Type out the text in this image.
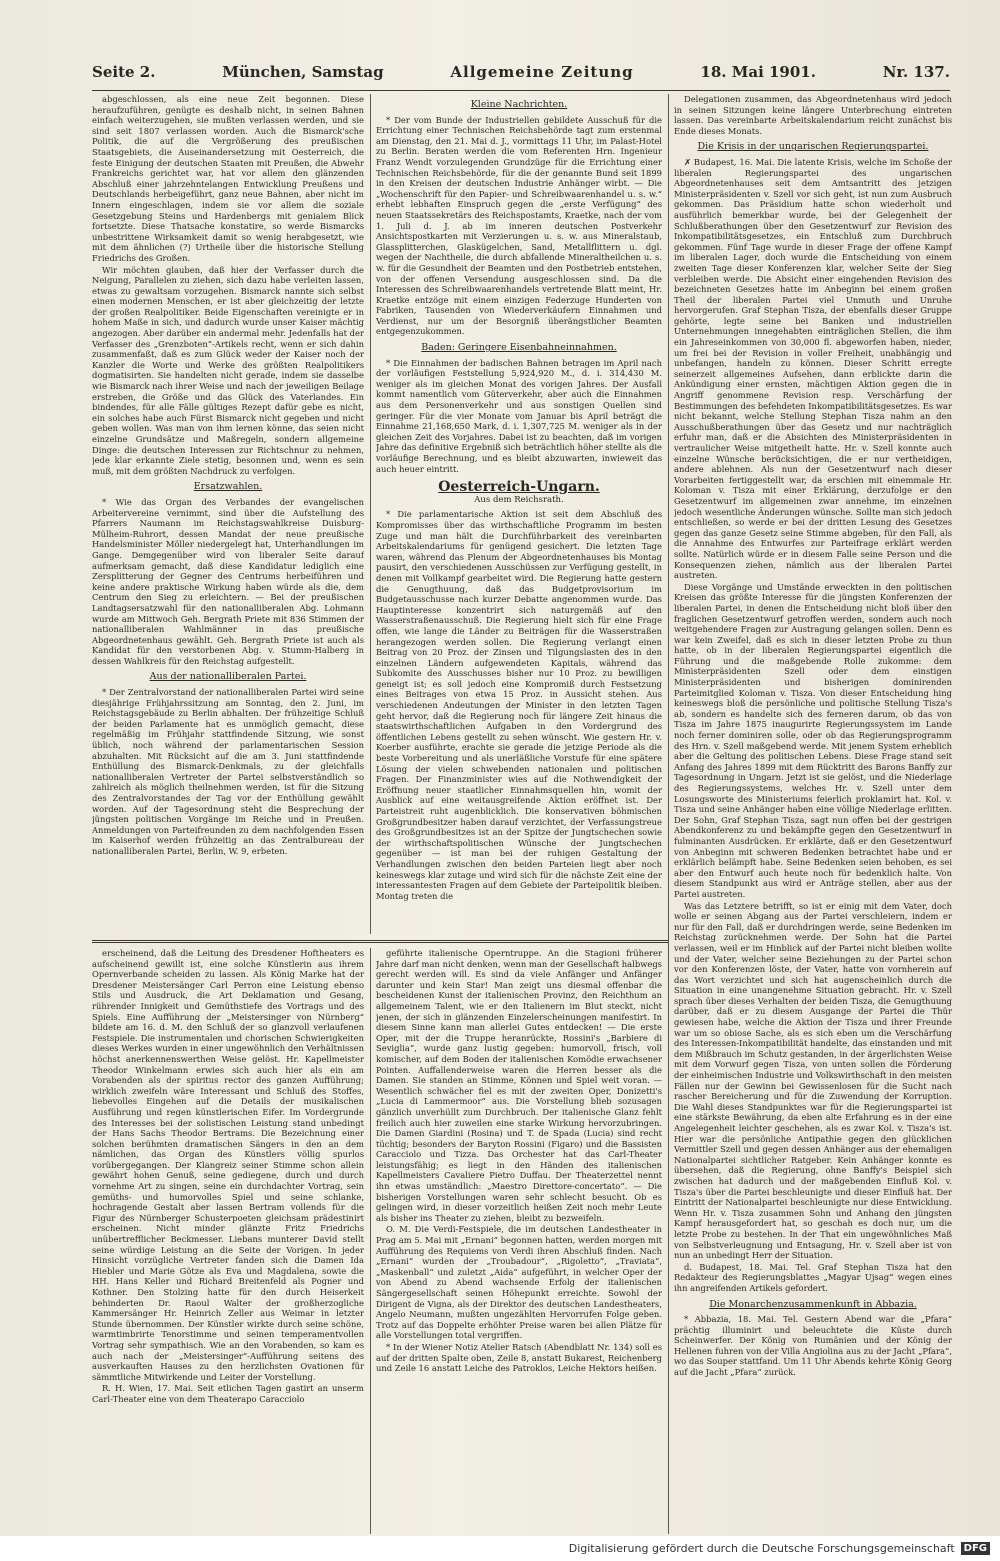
Seite 2.	München, Samstag	Allgemeine Zeitung	18. Mai 1901.	Nr. 137.

abgeschlossen, als eine neue Zeit begonnen. Diese heraufzuführen, genügte es deshalb nicht, in seinen Bahnen einfach weiterzugehen, sie mußten verlassen werden, und sie sind seit 1807 verlassen worden. Auch die Bismarck'sche Politik, die auf die Vergrößerung des preußischen Staatsgebiets, die Auseinandersetzung mit Oesterreich, die feste Einigung der deutschen Staaten mit Preußen, die Abwehr Frankreichs gerichtet war, hat vor allem den glänzenden Abschluß einer jahrzehntelangen Entwicklung Preußens und Deutschlands herbeigeführt, ganz neue Bahnen, aber nicht im Innern eingeschlagen, indem sie vor allem die soziale Gesetzgebung Steins und Hardenbergs mit genialem Blick fortsetzte. Diese Thatsache konstatire, so werde Bismarcks unbestrittene Wirksamkeit damit so wenig herabgesetzt, wie mit dem ähnlichen (?) Urtheile über die historische Stellung Friedrichs des Großen.

Wir möchten glauben, daß hier der Verfasser durch die Neigung, Parallelen zu ziehen, sich dazu habe verleiten lassen, etwas zu gewaltsam vorzugehen. Bismarck nannte sich selbst einen modernen Menschen, er ist aber gleichzeitig der letzte der großen Realpolitiker. Beide Eigenschaften vereinigte er in hohem Maße in sich, und dadurch wurde unser Kaiser mächtig angezogen. Aber darüber ein andermal mehr. Jedenfalls hat der Verfasser des „Grenzboten“-Artikels recht, wenn er sich dahin zusammenfaßt, daß es zum Glück weder der Kaiser noch der Kanzler die Worte und Werke des größten Realpolitikers dogmatisirten. Sie handelten nicht gerade, indem sie dasselbe wie Bismarck nach ihrer Weise und nach der jeweiligen Beilage erstreben, die Größe und das Glück des Vaterlandes. Ein bindendes, für alle Fälle gültiges Rezept dafür gebe es nicht, ein solches habe auch Fürst Bismarck nicht gegeben und nicht geben wollen. Was man von ihm lernen könne, das seien nicht einzelne Grundsätze und Maßregeln, sondern allgemeine Dinge: die deutschen Interessen zur Richtschnur zu nehmen, jede klar erkannte Ziele stetig, besonnen und, wenn es sein muß, mit dem größten Nachdruck zu verfolgen.

Ersatzwahlen.

* Wie das Organ des Verbandes der evangelischen Arbeitervereine vernimmt, sind über die Aufstellung des Pfarrers Naumann im Reichstagswahlkreise Duisburg-Mülheim-Ruhrort, dessen Mandat der neue preußische Handelsminister Möller niedergelegt hat, Unterhandlungen im Gange. Demgegenüber wird von liberaler Seite darauf aufmerksam gemacht, daß diese Kandidatur lediglich eine Zersplitterung der Gegner des Centrums herbeiführen und keine andere praktische Wirkung haben würde als die, dem Centrum den Sieg zu erleichtern. — Bei der preußischen Landtagsersatzwahl für den nationalliberalen Abg. Lohmann wurde am Mittwoch Geh. Bergrath Priete mit 836 Stimmen der nationalliberalen Wahlmänner in das preußische Abgeordnetenhaus gewählt. Geh. Bergrath Priete ist auch als Kandidat für den verstorbenen Abg. v. Stumm-Halberg in dessen Wahlkreis für den Reichstag aufgestellt.

Aus der nationalliberalen Partei.

* Der Zentralvorstand der nationalliberalen Partei wird seine diesjährige Frühjahrssitzung am Sonntag, den 2. Juni, im Reichstagsgebäude zu Berlin abhalten. Der frühzeitige Schluß der beiden Parlamente hat es unmöglich gemacht, diese regelmäßig im Frühjahr stattfindende Sitzung, wie sonst üblich, noch während der parlamentarischen Session abzuhalten. Mit Rücksicht auf die am 3. Juni stattfindende Enthüllung des Bismarck-Denkmals, zu der gleichfalls nationalliberalen Vertreter der Partei selbstverständlich so zahlreich als möglich theilnehmen werden, ist für die Sitzung des Zentralvorstandes der Tag vor der Enthüllung gewählt worden. Auf der Tagesordnung steht die Besprechung der jüngsten politischen Vorgänge im Reiche und in Preußen. Anmeldungen von Parteifreunden zu dem nachfolgenden Essen im Kaiserhof werden frühzeitig an das Zentralbureau der nationalliberalen Partei, Berlin, W. 9, erbeten.

Kleine Nachrichten.

* Der vom Bunde der Industriellen gebildete Ausschuß für die Errichtung einer Technischen Reichsbehörde tagt zum erstenmal am Dienstag, den 21. Mai d. J., vormittags 11 Uhr, im Palast-Hotel zu Berlin. Beraten werden die vom Referenten Hrn. Ingenieur Franz Wendt vorzulegenden Grundzüge für die Errichtung einer Technischen Reichsbehörde, für die der genannte Bund seit 1899 in den Kreisen der deutschen Industrie Anhänger wirbt. — Die „Wochenschrift für den Papier- und Schreibwaarenhandel u. s. w.“ erhebt lebhaften Einspruch gegen die „erste Verfügung“ des neuen Staatssekretärs des Reichspostamts, Kraetke, nach der vom 1. Juli d. J. ab im inneren deutschen Postverkehr Ansichtspostkarten mit Verzierungen u. s. w. aus Mineralstaub, Glassplitterchen, Glaskügelchen, Sand, Metallflittern u. dgl. wegen der Nachtheile, die durch abfallende Mineraltheilchen u. s. w. für die Gesundheit der Beamten und den Postbetrieb entstehen, von der offenen Versendung ausgeschlossen sind. Da die Interessen des Schreibwaarenhandels vertretende Blatt meint, Hr. Kraetke entzöge mit einem einzigen Federzuge Hunderten von Fabriken, Tausenden von Wiederverkäufern Einnahmen und Verdienst, nur um der Besorgniß überängstlicher Beamten entgegenzukommen.

Baden: Geringere Eisenbahneinnahmen.

* Die Einnahmen der badischen Bahnen betragen im April nach der vorläufigen Feststellung 5,924,920 M., d. i. 314,430 M. weniger als im gleichen Monat des vorigen Jahres. Der Ausfall kommt namentlich vom Güterverkehr, aber auch die Einnahmen aus dem Personenverkehr und aus sonstigen Quellen sind geringer. Für die vier Monate vom Januar bis April beträgt die Einnahme 21,168,650 Mark, d. i. 1,307,725 M. weniger als in der gleichen Zeit des Vorjahres. Dabei ist zu beachten, daß im vorigen Jahre das definitive Ergebniß sich beträchtlich höher stellte als die vorläufige Berechnung, und es bleibt abzuwarten, inwieweit das auch heuer eintritt.

Oesterreich-Ungarn.
Aus dem Reichsrath.

* Die parlamentarische Aktion ist seit dem Abschluß des Kompromisses über das wirthschaftliche Programm im besten Zuge und man hält die Durchführbarkeit des vereinbarten Arbeitskalendariums für genügend gesichert. Die letzten Tage waren, während das Plenum der Abgeordnetenhauses bis Montag pausirt, den verschiedenen Ausschüssen zur Verfügung gestellt, in denen mit Vollkampf gearbeitet wird. Die Regierung hatte gestern die Genugthuung, daß das Budgetprovisorium im Budgetausschusse nach kurzer Debatte angenommen wurde. Das Hauptinteresse konzentrirt sich naturgemäß auf den Wasserstraßenausschuß. Die Regierung hielt sich für eine Frage offen, wie lange die Länder zu Beiträgen für die Wasserstraßen herangezogen werden sollen. Die Regierung verlangt einen Beitrag von 20 Proz. der Zinsen und Tilgungslasten des in den einzelnen Ländern aufgewendeten Kapitals, während das Subkomite des Ausschusses bisher nur 10 Proz. zu bewilligen geneigt ist; es soll jedoch eine Kompromiß durch Festsetzung eines Beitrages von etwa 15 Proz. in Aussicht stehen. Aus verschiedenen Andeutungen der Minister in den letzten Tagen geht hervor, daß die Regierung noch für längere Zeit hinaus die staatswirthschaftlichen Aufgaben in den Vordergrund des öffentlichen Lebens gestellt zu sehen wünscht. Wie gestern Hr. v. Koerber ausführte, erachte sie gerade die jetzige Periode als die beste Vorbereitung und als unerläßliche Vorstufe für eine spätere Lösung der vielen schwebenden nationalen und politischen Fragen. Der Finanzminister wies auf die Nothwendigkeit der Eröffnung neuer staatlicher Einnahmsquellen hin, womit der Ausblick auf eine weitausgreifende Aktion eröffnet ist. Der Parteistreit ruht augenblicklich. Die konservativen böhmischen Großgrundbesitzer haben darauf verzichtet, der Verfassungstreue des Großgrundbesitzes ist an der Spitze der Jungtschechen sowie der wirthschaftspolitischen Wünsche der Jungtschechen gegenüber — ist man bei der ruhigen Gestaltung der Verhandlungen zwischen den beiden Parteien liegt aber noch keineswegs klar zutage und wird sich für die nächste Zeit eine der interessantesten Fragen auf dem Gebiete der Parteipolitik bleiben. Montag treten die

Delegationen zusammen, das Abgeordnetenhaus wird jedoch in seinen Sitzungen keine längere Unterbrechung eintreten lassen. Das vereinbarte Arbeitskalendarium reicht zunächst bis Ende dieses Monats.

Die Krisis in der ungarischen Regierungspartei.

✗ Budapest, 16. Mai. Die latente Krisis, welche im Schoße der liberalen Regierungspartei des ungarischen Abgeordnetenhauses seit dem Amtsantritt des jetzigen Ministerpräsidenten v. Szell vor sich geht, ist nun zum Ausbruch gekommen. Das Präsidium hatte schon wiederholt und ausführlich bemerkbar wurde, bei der Gelegenheit der Schlußberathungen über den Gesetzentwurf zur Revision des Inkompatibilitätsgesetzes, ein Entschluß zum Durchbruch gekommen. Fünf Tage wurde in dieser Frage der offene Kampf im liberalen Lager, doch wurde die Entscheidung von einem zweiten Tage dieser Konferenzen klar, welcher Seite der Sieg verbleiben werde. Die Absicht einer eingehenden Revision des bezeichneten Gesetzes hatte im Anbeginn bei einem großen Theil der liberalen Partei viel Unmuth und Unruhe hervorgerufen. Graf Stephan Tisza, der ebenfalls dieser Gruppe gehörte, legte seine bei Banken und industriellen Unternehmungen innegehabten einträglichen Stellen, die ihm ein Jahreseinkommen von 30,000 fl. abgeworfen haben, nieder, um frei bei der Revision in voller Freiheit, unabhängig und unbefangen, handeln zu können. Dieser Schritt erregte seinerzeit allgemeines Aufsehen, dann erblickte darin die Ankündigung einer ernsten, mächtigen Aktion gegen die in Angriff genommene Revision resp. Verschärfung der Bestimmungen des befehdeten Inkompatibilitätsgesetzes. Es war nicht bekannt, welche Stellung Stephan Tisza nahm an den Ausschußberathungen über das Gesetz und nur nachträglich erfuhr man, daß er die Absichten des Ministerpräsidenten in vertraulicher Weise mitgetheilt hatte. Hr. v. Szell konnte auch einzelne Wünsche berücksichtigen, die er nur vertheidigen, andere ablehnen. Als nun der Gesetzentwurf nach dieser Vorarbeiten fertiggestellt war, da erschien mit einemmale Hr. Koloman v. Tisza mit einer Erklärung, derzufolge er den Gesetzentwurf im allgemeinen zwar annehme, im einzelnen jedoch wesentliche Änderungen wünsche. Sollte man sich jedoch entschließen, so werde er bei der dritten Lesung des Gesetzes gegen das ganze Gesetz seine Stimme abgeben, für den Fall, als die Annahme des Entwurfes zur Parteifrage erklärt werden sollte. Natürlich würde er in diesem Falle seine Person und die Konsequenzen ziehen, nämlich aus der liberalen Partei austreten.

Diese Vorgänge und Umstände erweckten in den politischen Kreisen das größte Interesse für die jüngsten Konferenzen der liberalen Partei, in denen die Entscheidung nicht bloß über den fraglichen Gesetzentwurf getroffen werden, sondern auch noch weitgehendere Fragen zur Austragung gelangen sollen. Denn es war kein Zweifel, daß es sich in dieser letzten Probe zu thun hatte, ob in der liberalen Regierungspartei eigentlich die Führung und die maßgebende Rolle zukomme: dem Ministerpräsidenten Szell oder dem einstigen Ministerpräsidenten und bisherigen dominirenden Parteimitglied Koloman v. Tisza. Von dieser Entscheidung hing keineswegs bloß die persönliche und politische Stellung Tisza's ab, sondern es handelte sich des ferneren darum, ob das von Tisza im Jahre 1875 inaugurirte Regierungssystem im Lande noch ferner dominiren solle, oder ob das Regierungsprogramm des Hrn. v. Szell maßgebend werde. Mit jenem System erheblich aber die Geltung des politischen Lebens. Diese Frage stand seit Anfang des Jahres 1899 mit dem Rücktritt des Barons Banffy zur Tagesordnung in Ungarn. Jetzt ist sie gelöst, und die Niederlage des Regierungssystems, welches Hr. v. Szell unter dem Losungsworte des Ministeriums feierlich proklamirt hat. Kol. v. Tisza und seine Anhänger haben eine völlige Niederlage erlitten. Der Sohn, Graf Stephan Tisza, sagt nun offen bei der gestrigen Abendkonferenz zu und bekämpfte gegen den Gesetzentwurf in fulminanten Ausdrücken. Er erklärte, daß er den Gesetzentwurf von Anbeginn mit schweren Bedenken betrachtet habe und er erklärlich belämpft habe. Seine Bedenken seien behoben, es sei aber den Entwurf auch heute noch für bedenklich halte. Von diesem Standpunkt aus wird er Anträge stellen, aber aus der Partei austreten.

Was das Letztere betrifft, so ist er einig mit dem Vater, doch wolle er seinen Abgang aus der Partei verschleiern, indem er nur für den Fall, daß er durchdringen werde, seine Bedenken im Reichstag zurücknehmen werde. Der Sohn hat die Partei verlassen, weil er im Hinblick auf der Partei nicht bleiben wollte und der Vater, welcher seine Beziehungen zu der Partei schon vor den Konferenzen löste, der Vater, hatte von vornherein auf das Wort verzichtet und sich hat augenscheinlich durch die Situation in eine unangenehme Situation gebracht. Hr. v. Szell sprach über dieses Verhalten der beiden Tisza, die Genugthuung darüber, daß er zu diesem Ausgange der Partei die Thür gewiesen habe, welche die Aktion der Tisza und ihrer Freunde war um so obiose Sache, als es sich eben um die Verschärfung des Interessen-Inkompatibilität handelte, das einstanden und mit dem Mißbrauch im Schutz gestanden, in der ärgerlichsten Weise mit dem Vorwurf gegen Tisza, von unten sollen die Förderung der einheimischen Industrie und Volkswirthschaft in den meisten Fällen nur der Gewinn bei Gewissenlosen für die Sucht nach rascher Bereicherung und für die Zuwendung der Korruption. Die Wahl dieses Standpunktes war für die Regierungspartei ist eine stärkste Bewährung, da eben alte Erfahrung es in der eine Angelegenheit leichter geschehen, als es zwar Kol. v. Tisza's ist. Hier war die persönliche Antipathie gegen den glücklichen Vermittler Szell und gegen dessen Anhänger aus der ehemaligen Nationalpartei sichtlicher Ratgeber. Kein Anhänger konnte es übersehen, daß die Regierung, ohne Banffy's Beispiel sich zwischen hat dadurch und der maßgebenden Einfluß Kol. v. Tisza's über die Partei beschleunigte und dieser Einfluß hat. Der Eintritt der Nationalpartei beschleunigte nur diese Entwicklung. Wenn Hr. v. Tisza zusammen Sohn und Anhang den jüngsten Kampf herausgefordert hat, so geschah es doch nur, um die letzte Probe zu bestehen. In der That ein ungewöhnliches Maß von Selbstverleugnung und Entsagung, Hr. v. Szell aber ist von nun an unbedingt Herr der Situation.

d. Budapest, 18. Mai. Tel. Graf Stephan Tisza hat den Redakteur des Regierungsblattes „Magyar Ujsag“ wegen eines ihn angreifenden Artikels gefordert.

Die Monarchenzusammenkunft in Abbazia.

* Abbazia, 18. Mai. Tel. Gestern Abend war die „Pfara“ prächtig illuminirt und beleuchtete die Küste durch Scheinwerfer. Der König von Rumänien und der König der Hellenen fuhren von der Villa Angiolina aus zu der Jacht „Pfara“, wo das Souper stattfand. Um 11 Uhr Abends kehrte König Georg auf die Jacht „Pfara“ zurück.

erscheinend, daß die Leitung des Dresdener Hoftheaters es aufscheinend gewillt ist, eine solche Künstlerin aus ihrem Opernverbande scheiden zu lassen. Als König Marke hat der Dresdener Meistersänger Carl Perron eine Leistung ebenso Stils und Ausdruck, die Art Deklamation und Gesang, rührender Innigkeit und Gemüthstiefe des Vortrags und des Spiels. Eine Aufführung der „Meistersinger von Nürnberg“ bildete am 16. d. M. den Schluß der so glanzvoll verlaufenen Festspiele. Die instrumentalen und chorischen Schwierigkeiten dieses Werkes wurden in einer ungewöhnlich den Verhältnissen höchst anerkennenswerthen Weise gelöst. Hr. Kapellmeister Theodor Winkelmann erwies sich auch hier als ein am Vorabenden als der spiritus rector des ganzen Aufführung; wirklich zweifeln wäre Interessant und Schluß des Stoffes, liebevolles Eingehen auf die Details der musikalischen Ausführung und regen künstlerischen Eifer. Im Vordergrunde des Interesses bei der solistischen Leistung stand unbedingt der Hans Sachs Theodor Bertrams. Die Bezeichnung einer solchen berühmten dramatischen Sängers in den an dem nämlichen, das Organ des Künstlers völlig spurlos vorübergegangen. Der Klangreiz seiner Stimme schon allein gewährt hohen Genuß, seine gediegene, durch und durch vornehme Art zu singen, seine ein durchdachter Vortrag, sein gemüths- und humorvolles Spiel und seine schlanke, hochragende Gestalt aber lassen Bertram vollends für die Figur des Nürnberger Schusterpoeten gleichsam prädestinirt erscheinen. Nicht minder glänzte Fritz Friedrichs unübertrefflicher Beckmesser. Liebans munterer David stellt seine würdige Leistung an die Seite der Vorigen. In jeder Hinsicht vorzügliche Vertreter fanden sich die Damen Ida Hiebler und Marie Götze als Eva und Magdalena, sowie die HH. Hans Keller und Richard Breitenfeld als Pogner und Kothner. Den Stolzing hatte für den durch Heiserkeit behinderten Dr. Raoul Walter der großherzogliche Kammersänger Hr. Heinrich Zeller aus Weimar in letzter Stunde übernommen. Der Künstler wirkte durch seine schöne, warmtimbrirte Tenorstimme und seinen temperamentvollen Vortrag sehr sympathisch. Wie an den Vorabenden, so kam es auch nach der „Meistersinger“-Aufführung seitens des ausverkauften Hauses zu den herzlichsten Ovationen für sämmtliche Mitwirkende und Leiter der Vorstellung.

R. H. Wien, 17. Mai. Seit etlichen Tagen gastirt an unserm Carl-Theater eine von dem Theaterapo Caracciolo

geführte italienische Operntruppe. An die Stagioni früherer Jahre darf man nicht denken, wenn man der Gesellschaft halbwegs gerecht werden will. Es sind da viele Anfänger und Anfänger darunter und kein Star! Man zeigt uns diesmal offenbar die bescheidenen Kunst der italienischen Provinz, den Reichthum an allgemeinem Talent, wie er den Italienern im Blut steckt, nicht jenen, der sich in glänzenden Einzelerscheinungen manifestirt. In diesem Sinne kann man allerlei Gutes entdecken! — Die erste Oper, mit der die Truppe heranrückte, Rossini's „Barbiere di Seviglia“, wurde ganz lustig gegeben: humorvoll, frisch, voll komischer, auf dem Boden der italienischen Komödie erwachsener Pointen. Auffallenderweise waren die Herren besser als die Damen. Sie standen an Stimme, Können und Spiel weit voran. — Wesentlich schwächer fiel es mit der zweiten Oper, Donizetti's „Lucia di Lammermoor“ aus. Die Vorstellung blieb sozusagen gänzlich unverhüllt zum Durchbruch. Der italienische Glanz fehlt freilich auch hier zuweilen eine starke Wirkung hervorzubringen. Die Damen Giardini (Rosina) und T. de Spada (Lucia) sind recht tüchtig; besonders der Baryton Rossini (Figaro) und die Bassisten Caracciolo und Tizza. Das Orchester hat das Carl-Theater leistungsfähig; es liegt in den Händen des italienischen Kapellmeisters Cavaliere Pietro Duffau. Der Theaterzettel nennt ihn etwas umständlich: „Maestro Direttore-concertato“. — Die bisherigen Vorstellungen waren sehr schlecht besucht. Ob es gelingen wird, in dieser vorzeitlich heißen Zeit noch mehr Leute als bisher ins Theater zu ziehen, bleibt zu bezweifeln.

O. M. Die Verdi-Festspiele, die im deutschen Landestheater in Prag am 5. Mai mit „Ernani“ begonnen hatten, werden morgen mit Aufführung des Requiems von Verdi ihren Abschluß finden. Nach „Ernani“ wurden der „Troubadour“, „Rigoletto“, „Traviata“, „Maskenball“ und zuletzt „Aida“ aufgeführt, in welcher Oper der von Abend zu Abend wachsende Erfolg der italienischen Sängergesellschaft seinen Höhepunkt erreichte. Sowohl der Dirigent de Vigna, als der Direktor des deutschen Landestheaters, Angelo Neumann, mußten ungezählten Hervorrufen Folge geben. Trotz auf das Doppelte erhöhter Preise waren bei allen Plätze für alle Vorstellungen total vergriffen.

* In der Wiener Notiz Atelier Ratsch (Abendblatt Nr. 134) soll es auf der dritten Spalte oben, Zeile 8, anstatt Bukarest, Reichenberg und Zeile 16 anstatt Leiche des Patroklos, Leiche Hektors heißen.

Digitalisierung gefördert durch die Deutsche Forschungsgemeinschaft DFG
